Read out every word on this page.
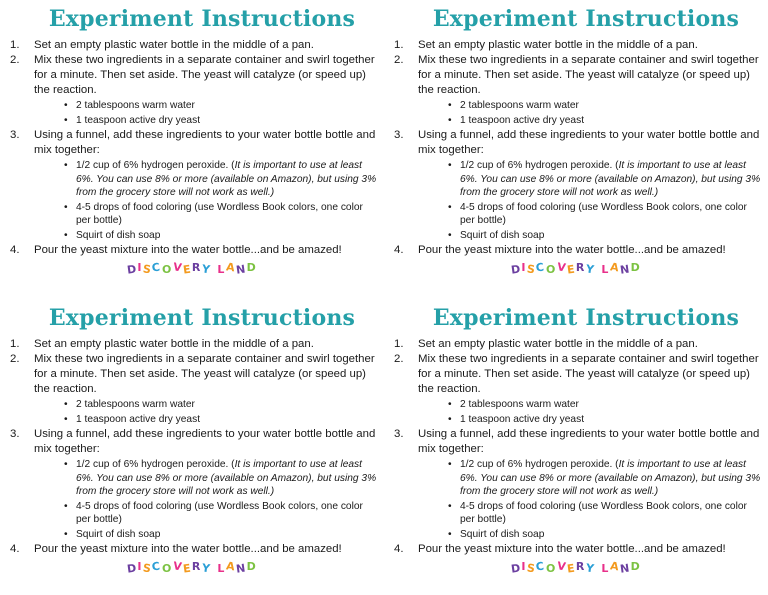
Experiment Instructions
1. Set an empty plastic water bottle in the middle of a pan.
2. Mix these two ingredients in a separate container and swirl together for a minute. Then set aside. The yeast will catalyze (or speed up) the reaction.
• 2 tablespoons warm water
• 1 teaspoon active dry yeast
3. Using a funnel, add these ingredients to your water bottle bottle and mix together:
• 1/2 cup of 6% hydrogen peroxide. (It is important to use at least 6%. You can use 8% or more (available on Amazon), but using 3% from the grocery store will not work as well.)
• 4-5 drops of food coloring (use Wordless Book colors, one color per bottle)
• Squirt of dish soap
4. Pour the yeast mixture into the water bottle...and be amazed!
DISCOVERY LAND
Experiment Instructions
1. Set an empty plastic water bottle in the middle of a pan.
2. Mix these two ingredients in a separate container and swirl together for a minute. Then set aside. The yeast will catalyze (or speed up) the reaction.
• 2 tablespoons warm water
• 1 teaspoon active dry yeast
3. Using a funnel, add these ingredients to your water bottle bottle and mix together:
• 1/2 cup of 6% hydrogen peroxide. (It is important to use at least 6%. You can use 8% or more (available on Amazon), but using 3% from the grocery store will not work as well.)
• 4-5 drops of food coloring (use Wordless Book colors, one color per bottle)
• Squirt of dish soap
4. Pour the yeast mixture into the water bottle...and be amazed!
DISCOVERY LAND
Experiment Instructions
1. Set an empty plastic water bottle in the middle of a pan.
2. Mix these two ingredients in a separate container and swirl together for a minute. Then set aside. The yeast will catalyze (or speed up) the reaction.
• 2 tablespoons warm water
• 1 teaspoon active dry yeast
3. Using a funnel, add these ingredients to your water bottle bottle and mix together:
• 1/2 cup of 6% hydrogen peroxide. (It is important to use at least 6%. You can use 8% or more (available on Amazon), but using 3% from the grocery store will not work as well.)
• 4-5 drops of food coloring (use Wordless Book colors, one color per bottle)
• Squirt of dish soap
4. Pour the yeast mixture into the water bottle...and be amazed!
DISCOVERY LAND
Experiment Instructions
1. Set an empty plastic water bottle in the middle of a pan.
2. Mix these two ingredients in a separate container and swirl together for a minute. Then set aside. The yeast will catalyze (or speed up) the reaction.
• 2 tablespoons warm water
• 1 teaspoon active dry yeast
3. Using a funnel, add these ingredients to your water bottle bottle and mix together:
• 1/2 cup of 6% hydrogen peroxide. (It is important to use at least 6%. You can use 8% or more (available on Amazon), but using 3% from the grocery store will not work as well.)
• 4-5 drops of food coloring (use Wordless Book colors, one color per bottle)
• Squirt of dish soap
4. Pour the yeast mixture into the water bottle...and be amazed!
DISCOVERY LAND
